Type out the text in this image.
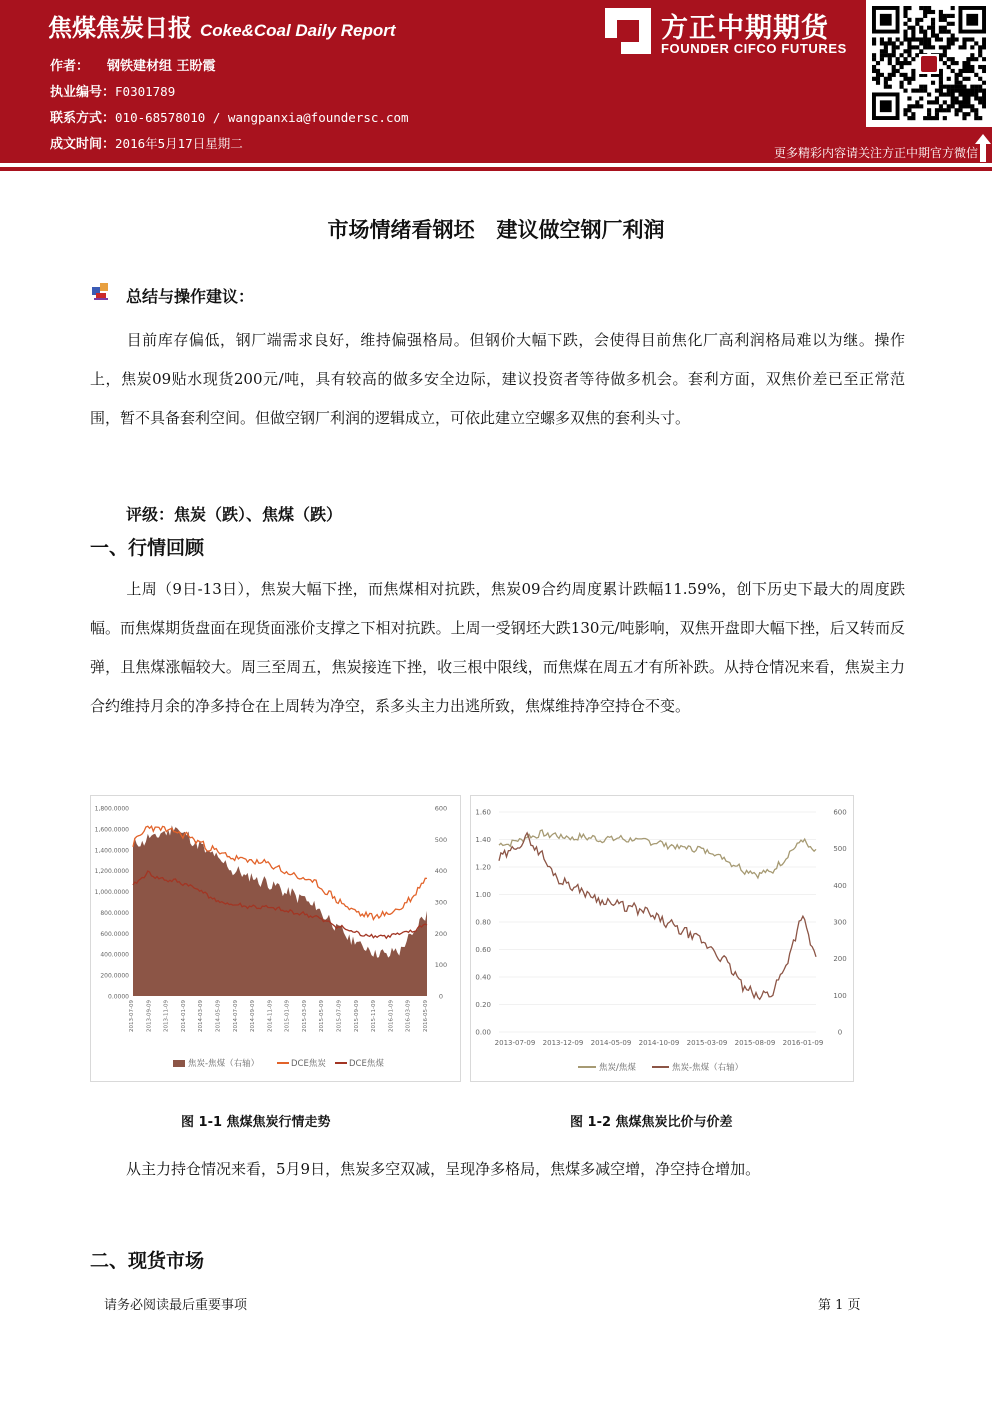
焦煤焦炭日报 Coke&Coal Daily Report
作者： 钢铁建材组 王盼霞
执业编号：F0301789
联系方式：010-68578010 / wangpanxia@foundersc.com
成文时间：2016年5月17日星期二
方正中期期货
FOUNDER CIFCO FUTURES
更多精彩内容请关注方正中期官方微信
市场情绪看钢坯   建议做空钢厂利润
总结与操作建议：
目前库存偏低，钢厂端需求良好，维持偏强格局。但钢价大幅下跌，会使得目前焦化厂高利润格局难以为继。操作上，焦炭09贴水现货200元/吨，具有较高的做多安全边际，建议投资者等待做多机会。套利方面，双焦价差已至正常范围，暂不具备套利空间。但做空钢厂利润的逻辑成立，可依此建立空螺多双焦的套利头寸。
评级：焦炭（跌）、焦煤（跌）
一、行情回顾
上周（9日-13日），焦炭大幅下挫，而焦煤相对抗跌，焦炭09合约周度累计跌幅11.59%，创下历史下最大的周度跌幅。而焦煤期货盘面在现货面涨价支撑之下相对抗跌。上周一受钢坯大跌130元/吨影响，双焦开盘即大幅下挫，后又转而反弹，且焦煤涨幅较大。周三至周五，焦炭接连下挫，收三根中限线，而焦煤在周五才有所补跌。从持仓情况来看，焦炭主力合约维持月余的净多持仓在上周转为净空，系多头主力出逃所致，焦煤维持净空持仓不变。
0.0000
200.0000
400.0000
600.0000
800.0000
1,000.0000
1,200.0000
1,400.0000
1,600.0000
1,800.0000
0
100
200
300
400
500
600
2013-07-09 2013-09-09 2013-11-09 2014-01-09 2014-03-09 2014-05-09 2014-07-09 2014-09-09 2014-11-09 2015-01-09 2015-03-09 2015-05-09 2015-07-09 2015-09-09 2015-11-09 2016-01-09 2016-03-09 2016-05-09
焦炭-焦煤（右轴）	DCE焦炭	DCE焦煤
0.00
0.20
0.40
0.60
0.80
1.00
1.20
1.40
1.60
0
100
200
300
400
500
600
2013-07-09 2013-12-09 2014-05-09 2014-10-09 2015-03-09 2015-08-09 2016-01-09
焦炭/焦煤	焦炭-焦煤（右轴）
图 1-1 焦煤焦炭行情走势	图 1-2 焦煤焦炭比价与价差
从主力持仓情况来看，5月9日，焦炭多空双减，呈现净多格局，焦煤多减空增，净空持仓增加。
二、现货市场
请务必阅读最后重要事项	第 1 页
